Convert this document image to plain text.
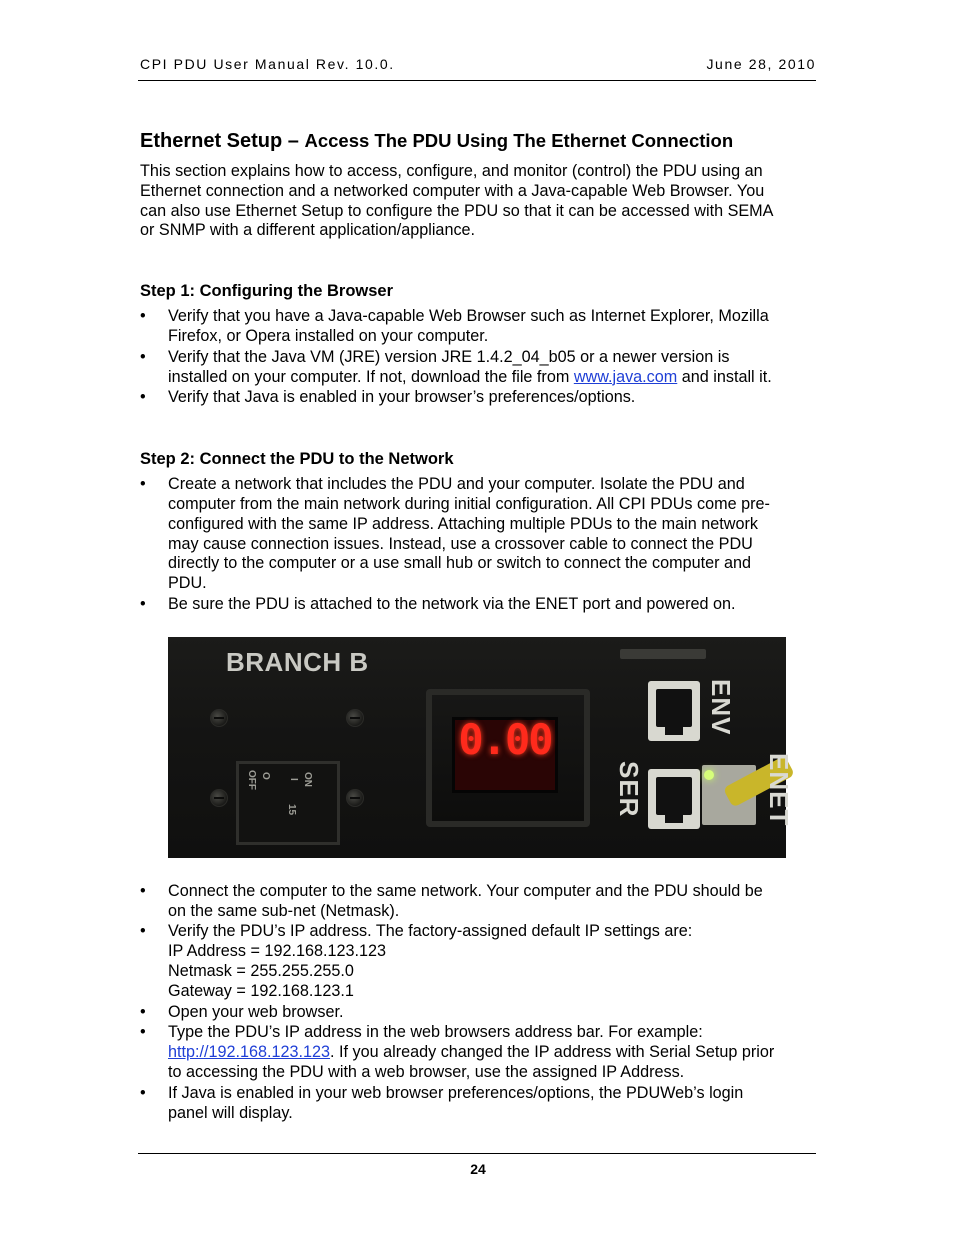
CPI PDU User Manual Rev. 10.0.	June 28, 2010
Ethernet Setup – Access The PDU Using The Ethernet Connection

This section explains how to access, configure, and monitor (control) the PDU using an
Ethernet connection and a networked computer with a Java-capable Web Browser. You
can also use Ethernet Setup to configure the PDU so that it can be accessed with SEMA
or SNMP with a different application/appliance.

Step 1: Configuring the Browser
•	Verify that you have a Java-capable Web Browser such as Internet Explorer, Mozilla
Firefox, or Opera installed on your computer.
•	Verify that the Java VM (JRE) version JRE 1.4.2_04_b05 or a newer version is
installed on your computer. If not, download the file from www.java.com and install it.
•	Verify that Java is enabled in your browser’s preferences/options.
Step 2: Connect the PDU to the Network
•	Create a network that includes the PDU and your computer. Isolate the PDU and
computer from the main network during initial configuration. All CPI PDUs come pre-
configured with the same IP address. Attaching multiple PDUs to the main network
may cause connection issues. Instead, use a crossover cable to connect the PDU
directly to the computer or a use small hub or switch to connect the computer and
PDU.
•	Be sure the PDU is attached to the network via the ENET port and powered on.
BRANCH B
ON
I
15
O
OFF
0.00
ENV
SER	ENET
•	Connect the computer to the same network. Your computer and the PDU should be
on the same sub-net (Netmask).
•	Verify the PDU’s IP address. The factory-assigned default IP settings are:
IP Address = 192.168.123.123
Netmask = 255.255.255.0
Gateway = 192.168.123.1
•	Open your web browser.
•	Type the PDU’s IP address in the web browsers address bar. For example:
http://192.168.123.123. If you already changed the IP address with Serial Setup prior
to accessing the PDU with a web browser, use the assigned IP Address.
•	If Java is enabled in your web browser preferences/options, the PDUWeb’s login
panel will display.
24
